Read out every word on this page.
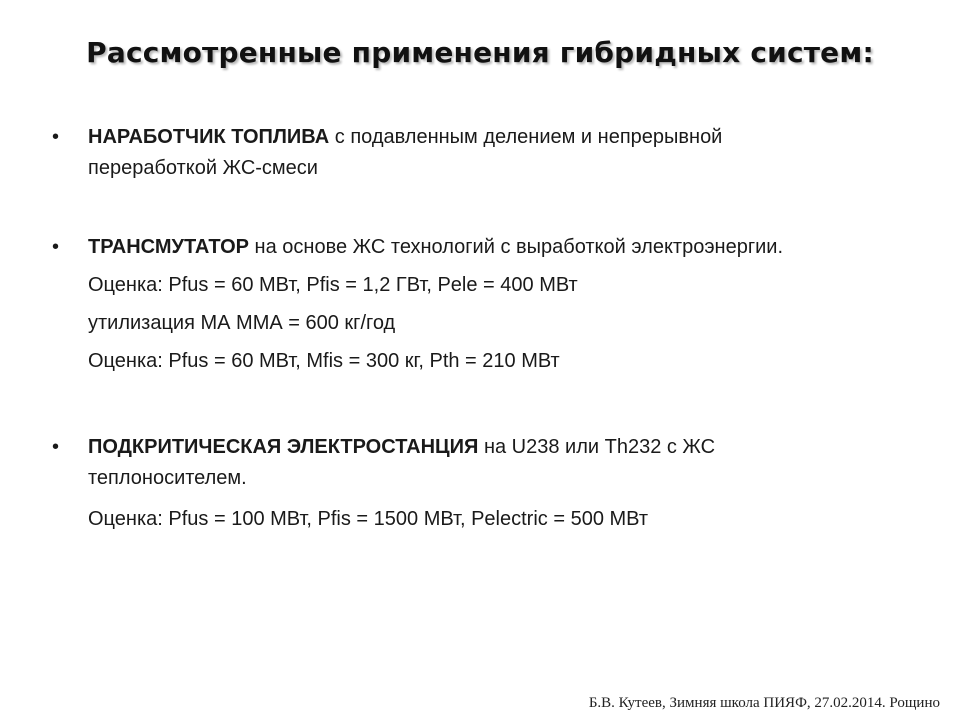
Рассмотренные применения гибридных систем:
•	НАРАБОТЧИК ТОПЛИВА с подавленным делением и непрерывной
переработкой ЖС-смеси
•	ТРАНСМУТАТОР на основе ЖС технологий с выработкой электроэнергии.
Оценка: Pfus = 60 МВт, Pfis = 1,2 ГВт, Pele = 400 МВт
утилизация МА ММА = 600 кг/год
Оценка: Pfus = 60 МВт, Mfis = 300 кг, Pth = 210 МВт
•	ПОДКРИТИЧЕСКАЯ ЭЛЕКТРОСТАНЦИЯ на U238 или Th232 с ЖС
теплоносителем.
Оценка: Pfus = 100 МВт, Pfis = 1500 МВт, Pelectric = 500 МВт
Б.В. Кутеев, Зимняя школа ПИЯФ, 27.02.2014. Рощино
